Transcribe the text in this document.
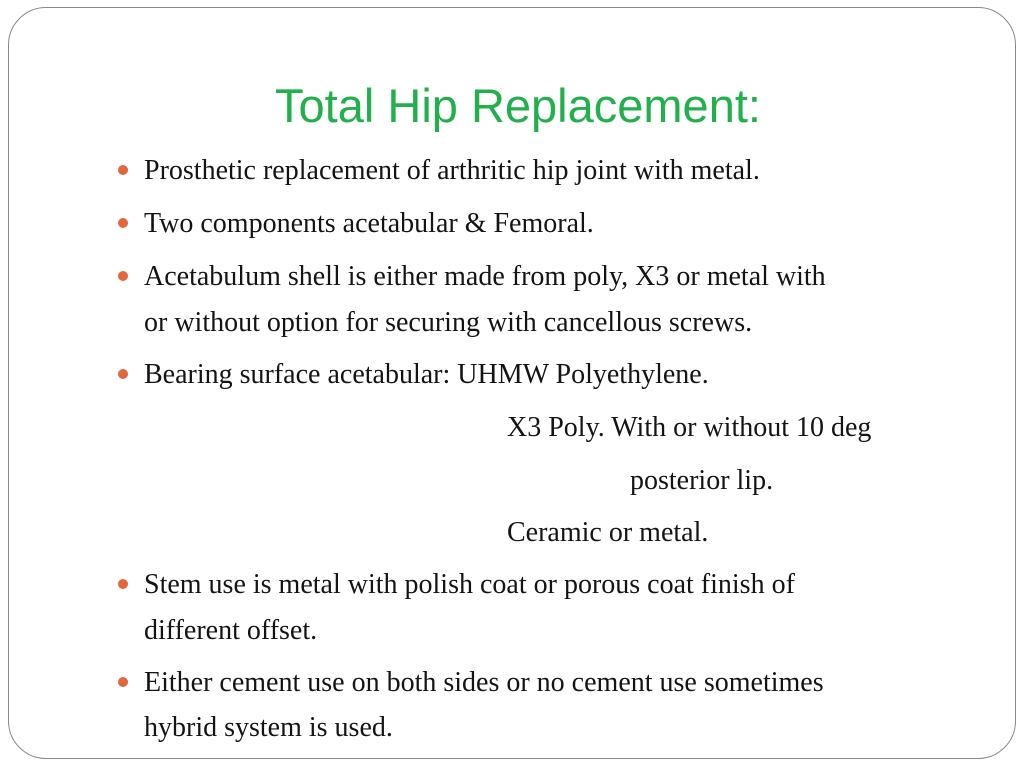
Total Hip Replacement:
Prosthetic replacement of arthritic hip joint with metal.
Two components acetabular & Femoral.
Acetabulum shell is either made from poly, X3 or metal with
or without option for securing with cancellous screws.
Bearing surface acetabular: UHMW Polyethylene.
X3 Poly. With or without 10 deg
posterior lip.
Ceramic or metal.
Stem use is metal with polish coat or porous coat finish of
different offset.
Either cement use on both sides or no cement use sometimes
hybrid system is used.
